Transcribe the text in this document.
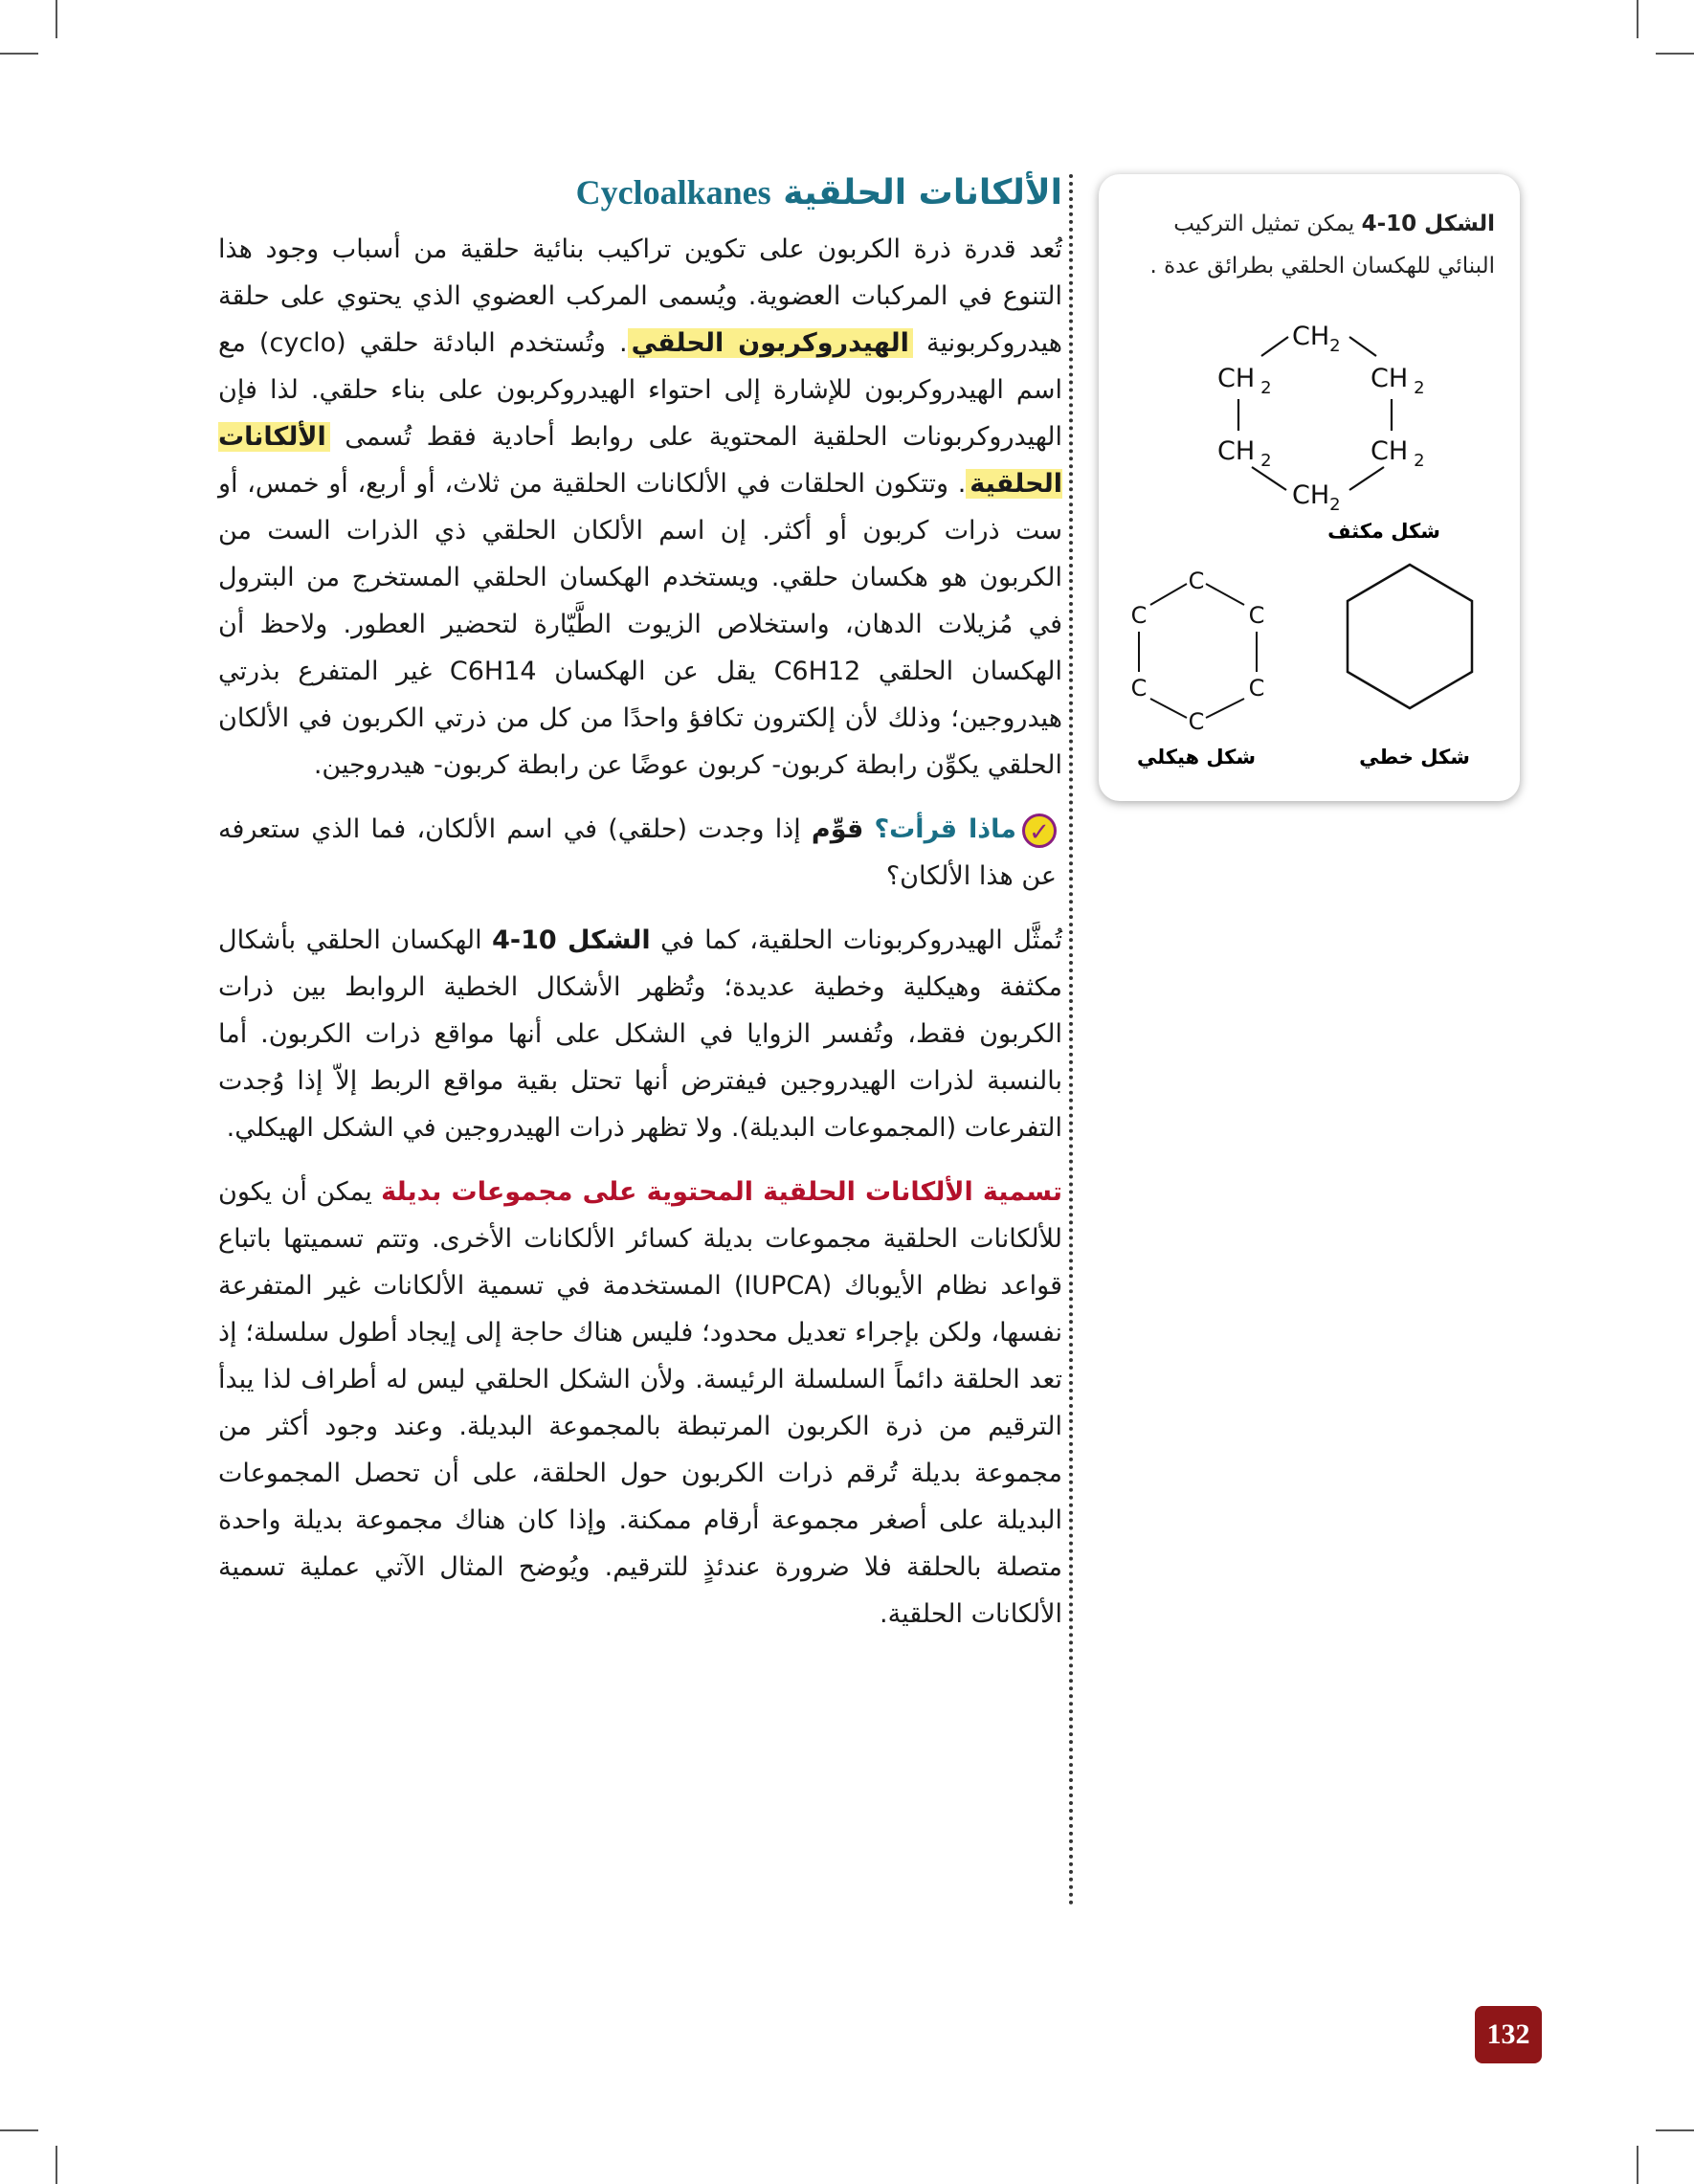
الألكانات الحلقية Cycloalkanes

تُعد قدرة ذرة الكربون على تكوين تراكيب بنائية حلقية من أسباب وجود هذا التنوع في المركبات العضوية. ويُسمى المركب العضوي الذي يحتوي على حلقة هيدروكربونية الهيدروكربون الحلقي. وتُستخدم البادئة حلقي (cyclo) مع اسم الهيدروكربون للإشارة إلى احتواء الهيدروكربون على بناء حلقي. لذا فإن الهيدروكربونات الحلقية المحتوية على روابط أحادية فقط تُسمى الألكانات الحلقية. وتتكون الحلقات في الألكانات الحلقية من ثلاث، أو أربع، أو خمس، أو ست ذرات كربون أو أكثر. إن اسم الألكان الحلقي ذي الذرات الست من الكربون هو هكسان حلقي. ويستخدم الهكسان الحلقي المستخرج من البترول في مُزيلات الدهان، واستخلاص الزيوت الطَّيّارة لتحضير العطور. ولاحظ أن الهكسان الحلقي C6H12 يقل عن الهكسان C6H14 غير المتفرع بذرتي هيدروجين؛ وذلك لأن إلكترون تكافؤ واحدًا من كل من ذرتي الكربون في الألكان الحلقي يكوِّن رابطة كربون- كربون عوضًا عن رابطة كربون- هيدروجين.

✓ماذا قرأت؟ قوِّم إذا وجدت (حلقي) في اسم الألكان، فما الذي ستعرفه عن هذا الألكان؟

تُمثَّل الهيدروكربونات الحلقية، كما في الشكل 10-4 الهكسان الحلقي بأشكال مكثفة وهيكلية وخطية عديدة؛ وتُظهر الأشكال الخطية الروابط بين ذرات الكربون فقط، وتُفسر الزوايا في الشكل على أنها مواقع ذرات الكربون. أما بالنسبة لذرات الهيدروجين فيفترض أنها تحتل بقية مواقع الربط إلاّ إذا وُجدت التفرعات (المجموعات البديلة). ولا تظهر ذرات الهيدروجين في الشكل الهيكلي.

تسمية الألكانات الحلقية المحتوية على مجموعات بديلة يمكن أن يكون للألكانات الحلقية مجموعات بديلة كسائر الألكانات الأخرى. وتتم تسميتها باتباع قواعد نظام الأيوباك (IUPCA) المستخدمة في تسمية الألكانات غير المتفرعة نفسها، ولكن بإجراء تعديل محدود؛ فليس هناك حاجة إلى إيجاد أطول سلسلة؛ إذ تعد الحلقة دائماً السلسلة الرئيسة. ولأن الشكل الحلقي ليس له أطراف لذا يبدأ الترقيم من ذرة الكربون المرتبطة بالمجموعة البديلة. وعند وجود أكثر من مجموعة بديلة تُرقم ذرات الكربون حول الحلقة، على أن تحصل المجموعات البديلة على أصغر مجموعة أرقام ممكنة. وإذا كان هناك مجموعة بديلة واحدة متصلة بالحلقة فلا ضرورة عندئذٍ للترقيم. ويُوضح المثال الآتي عملية تسمية الألكانات الحلقية.

الشكل 10-4 يمكن تمثيل التركيب البنائي للهكسان الحلقي بطرائق عدة .
$CH_2$
CH $_2$	CH $_2$
CH $_2$	CH $_2$
$CH_2$
شكل مكثف
C
C	C
C	C
C
شكل هيكلي	شكل خطي
132
